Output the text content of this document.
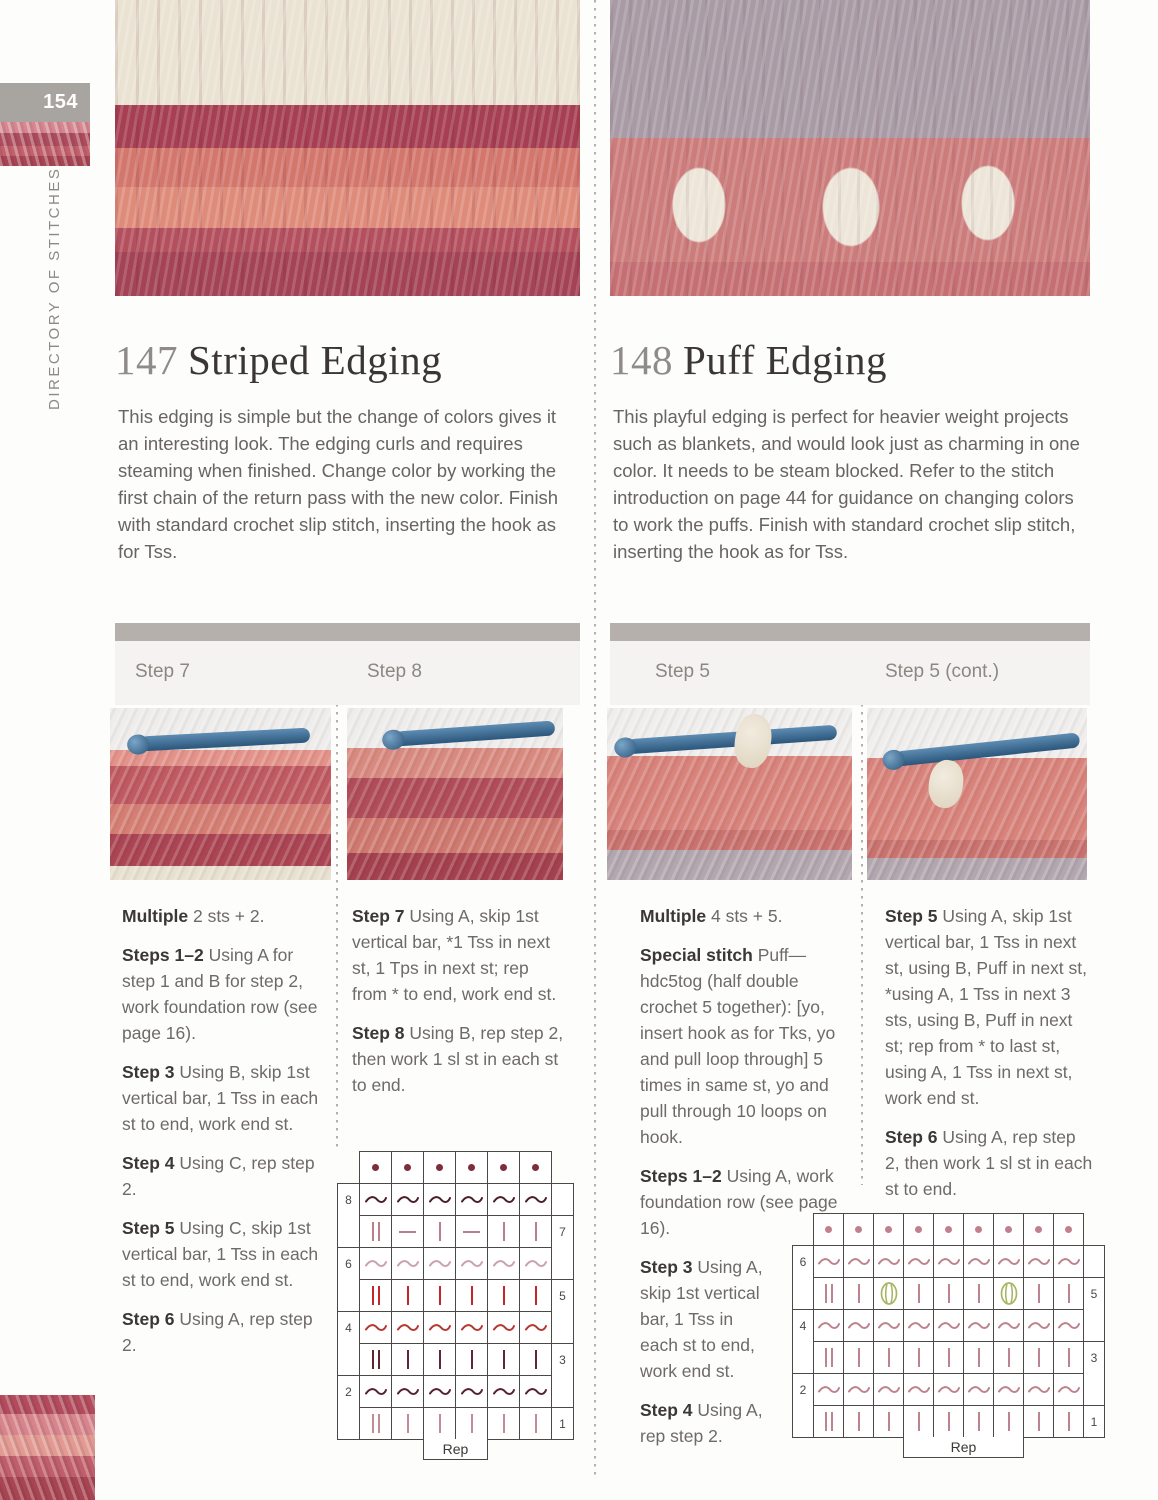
154
DIRECTORY OF STITCHES 147 Striped Edging

This edging is simple but the change of colors gives it an interesting look. The edging curls and requires steaming when finished. Change color by working the first chain of the return pass with the new color. Finish with standard crochet slip stitch, inserting the hook as for Tss.

Step 7	Step 8

Multiple 2 sts + 2.

Steps 1–2 Using A for step 1 and B for step 2, work foundation row (see page 16).

Step 3 Using B, skip 1st vertical bar, 1 Tss in each st to end, work end st.

Step 4 Using C, rep step 2.

Step 5 Using C, skip 1st vertical bar, 1 Tss in each st to end, work end st.

Step 6 Using A, rep step 2.

Step 7 Using A, skip 1st vertical bar, *1 Tss in next st, 1 Tps in next st; rep from * to end, work end st.

Step 8 Using B, rep step 2, then work 1 sl st in each st to end.

8
7
6
5
4
3
2
1
Rep
148 Puff Edging

This playful edging is perfect for heavier weight projects such as blankets, and would look just as charming in one color. It needs to be steam blocked. Refer to the stitch introduction on page 44 for guidance on changing colors to work the puffs. Finish with standard crochet slip stitch, inserting the hook as for Tss.

Step 5	Step 5 (cont.)

Multiple 4 sts + 5.

Special stitch Puff—hdc5tog (half double crochet 5 together): [yo, insert hook as for Tks, yo and pull loop through] 5 times in same st, yo and pull through 10 loops on hook.

Steps 1–2 Using A, work foundation row (see page 16).

Step 3 Using A, skip 1st vertical bar, 1 Tss in each st to end, work end st.

Step 4 Using A, rep step 2.

Step 5 Using A, skip 1st vertical bar, 1 Tss in next st, using B, Puff in next st, *using A, 1 Tss in next 3 sts, using B, Puff in next st; rep from * to last st, using A, 1 Tss in next st, work end st.

Step 6 Using A, rep step 2, then work 1 sl st in each st to end.

6
5
4
3
2
1
Rep
